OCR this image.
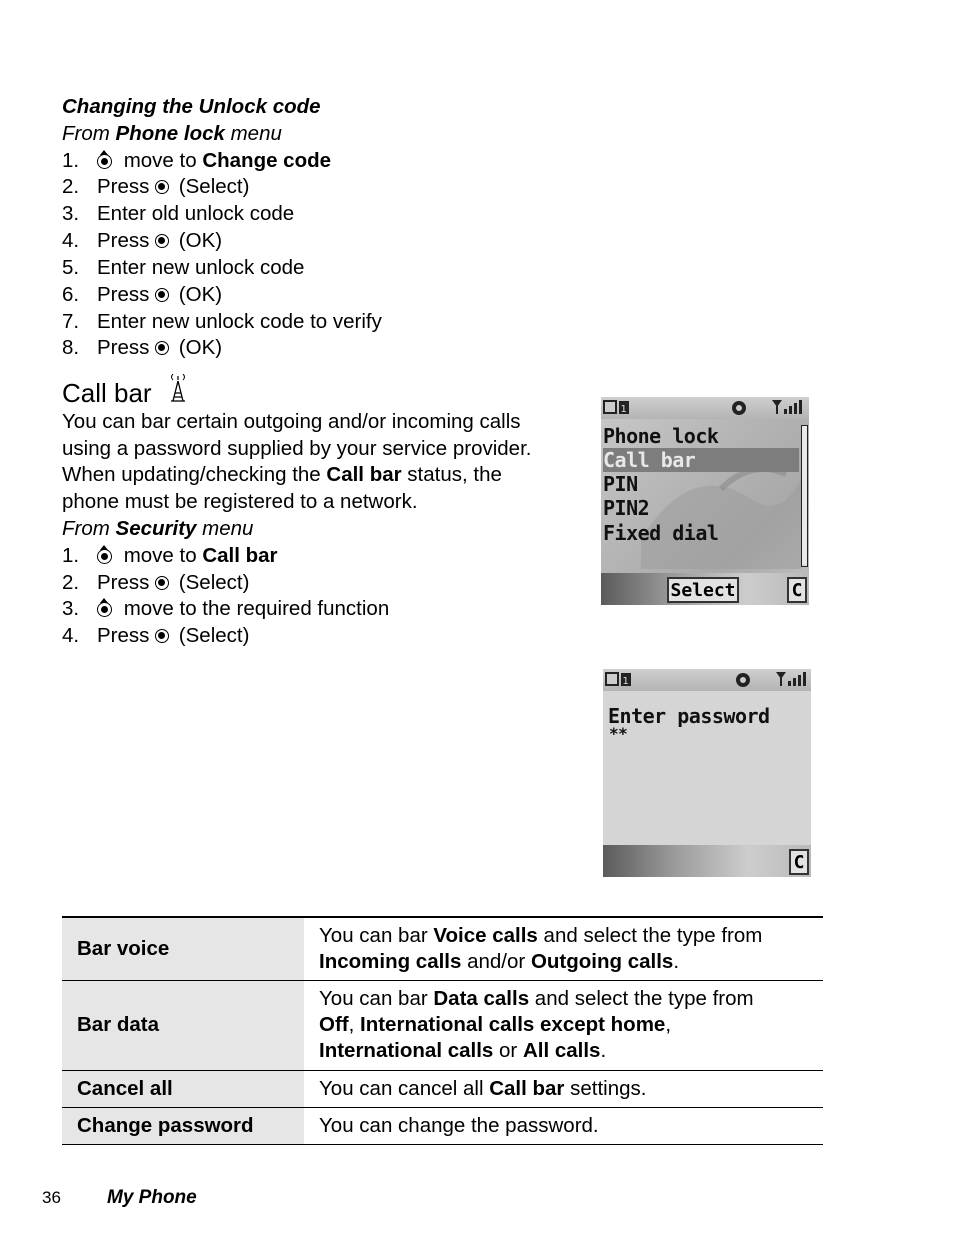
Changing the Unlock code
From Phone lock menu
1.
move to Change code
2. Press  (Select)
3. Enter old unlock code
4. Press  (OK)
5. Enter new unlock code
6. Press  (OK)
7. Enter new unlock code to verify
8. Press  (OK)
Call bar
You can bar certain outgoing and/or incoming calls
using a password supplied by your service provider.
When updating/checking the Call bar status, the
phone must be registered to a network.
From Security menu
1.
move to Call bar
2. Press  (Select)
3.
move to the required function
4. Press  (Select)
1
Phone lock
Call bar
PIN
PIN2
Fixed dial
Select	C
1
Enter password
**
C
Bar voice	You can bar Voice calls and select the type from
Incoming calls and/or Outgoing calls.
Bar data	You can bar Data calls and select the type from
Off, International calls except home,
International calls or All calls.
Cancel all	You can cancel all Call bar settings.
Change password	You can change the password.
36 My Phone
